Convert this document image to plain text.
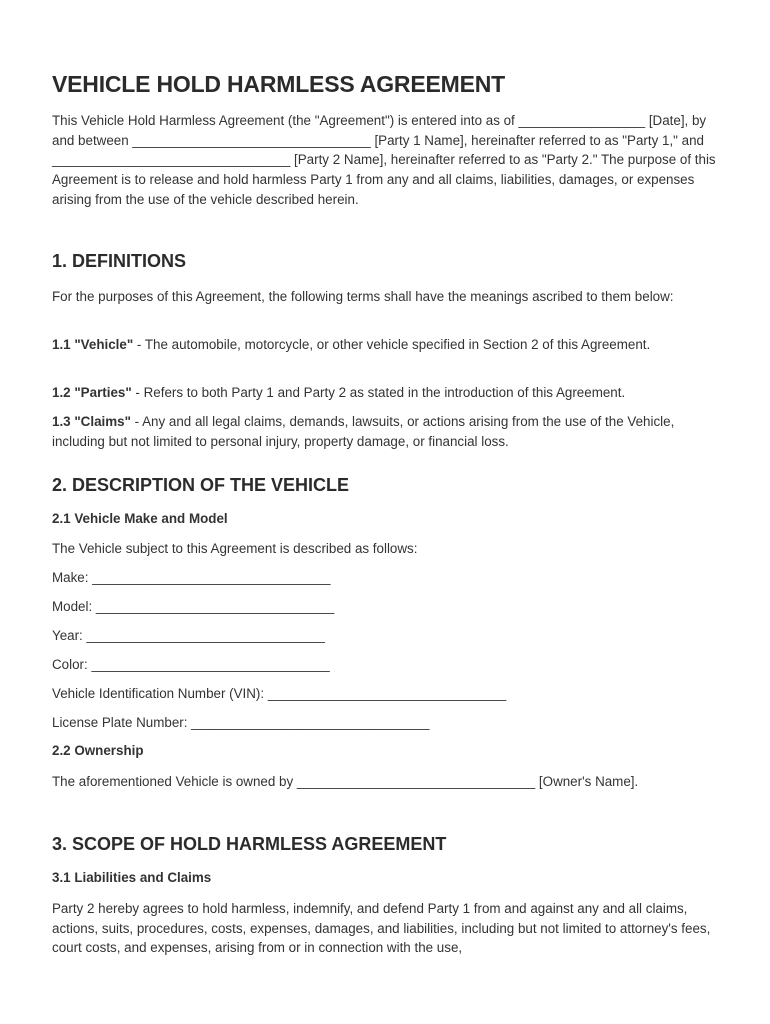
VEHICLE HOLD HARMLESS AGREEMENT

This Vehicle Hold Harmless Agreement (the "Agreement") is entered into as of _________________ [Date], by and between ________________________________ [Party 1 Name], hereinafter referred to as "Party 1," and ________________________________ [Party 2 Name], hereinafter referred to as "Party 2." The purpose of this Agreement is to release and hold harmless Party 1 from any and all claims, liabilities, damages, or expenses arising from the use of the vehicle described herein.

1. DEFINITIONS

For the purposes of this Agreement, the following terms shall have the meanings ascribed to them below:

1.1 "Vehicle" - The automobile, motorcycle, or other vehicle specified in Section 2 of this Agreement.

1.2 "Parties" - Refers to both Party 1 and Party 2 as stated in the introduction of this Agreement.

1.3 "Claims" - Any and all legal claims, demands, lawsuits, or actions arising from the use of the Vehicle, including but not limited to personal injury, property damage, or financial loss.

2. DESCRIPTION OF THE VEHICLE
2.1 Vehicle Make and Model

The Vehicle subject to this Agreement is described as follows:

Make: ________________________________

Model: ________________________________

Year: ________________________________

Color: ________________________________

Vehicle Identification Number (VIN): ________________________________

License Plate Number: ________________________________

2.2 Ownership

The aforementioned Vehicle is owned by ________________________________ [Owner's Name].

3. SCOPE OF HOLD HARMLESS AGREEMENT
3.1 Liabilities and Claims

Party 2 hereby agrees to hold harmless, indemnify, and defend Party 1 from and against any and all claims, actions, suits, procedures, costs, expenses, damages, and liabilities, including but not limited to attorney's fees, court costs, and expenses, arising from or in connection with the use,
